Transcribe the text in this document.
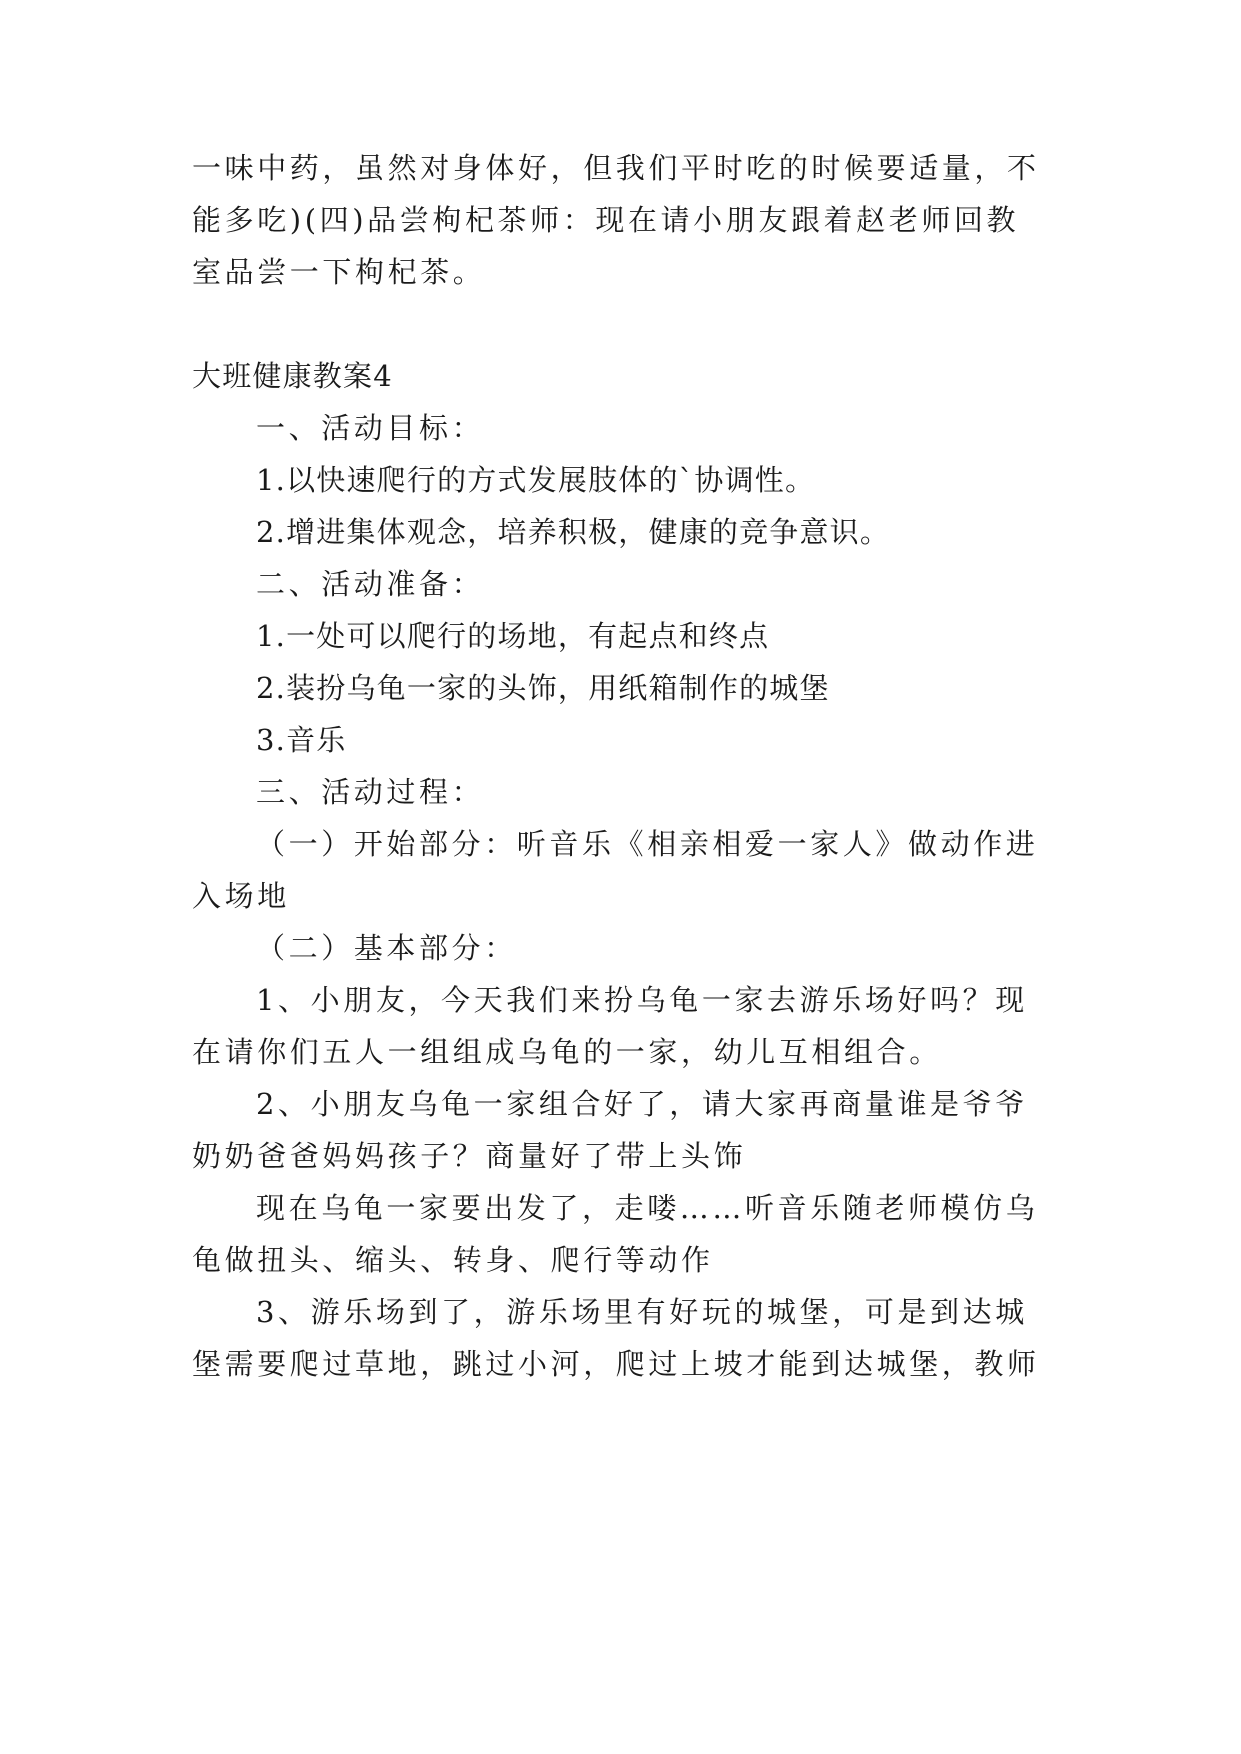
一味中药，虽然对身体好，但我们平时吃的时候要适量，不
能多吃)(四)品尝枸杞茶师：现在请小朋友跟着赵老师回教
室品尝一下枸杞茶。
大班健康教案4
一、活动目标：
1.以快速爬行的方式发展肢体的`协调性。
2.增进集体观念，培养积极，健康的竞争意识。
二、活动准备：
1.一处可以爬行的场地，有起点和终点
2.装扮乌龟一家的头饰，用纸箱制作的城堡
3.音乐
三、活动过程：
（一）开始部分：听音乐《相亲相爱一家人》做动作进
入场地
（二）基本部分：
1、小朋友，今天我们来扮乌龟一家去游乐场好吗？现
在请你们五人一组组成乌龟的一家，幼儿互相组合。
2、小朋友乌龟一家组合好了，请大家再商量谁是爷爷
奶奶爸爸妈妈孩子？商量好了带上头饰
现在乌龟一家要出发了，走喽……听音乐随老师模仿乌
龟做扭头、缩头、转身、爬行等动作
3、游乐场到了，游乐场里有好玩的城堡，可是到达城
堡需要爬过草地，跳过小河，爬过上坡才能到达城堡，教师
